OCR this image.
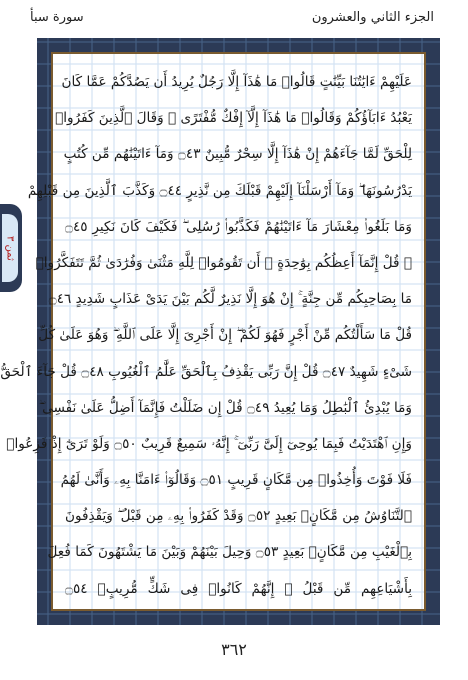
سورة سبأ	الجزء الثاني والعشرون
ثمن ٣
عَلَيْهِمْ ءَايَٰتُنَا بَيِّنَٰتٍ قَالُوا۟ مَا هَٰذَآ إِلَّا رَجُلٌ يُرِيدُ أَن يَصُدَّكُمْ عَمَّا كَانَ
يَعْبُدُ ءَابَآؤُكُمْ وَقَالُوا۟ مَا هَٰذَآ إِلَّآ إِفْكٌ مُّفْتَرًى ۚ وَقَالَ ٱلَّذِينَ كَفَرُوا۟
لِلْحَقِّ لَمَّا جَآءَهُمْ إِنْ هَٰذَآ إِلَّا سِحْرٌ مُّبِينٌ ۝٤٣ وَمَآ ءَاتَيْنَٰهُم مِّن كُتُبٍ
يَدْرُسُونَهَا ۖ وَمَآ أَرْسَلْنَآ إِلَيْهِمْ قَبْلَكَ مِن نَّذِيرٍ ۝٤٤ وَكَذَّبَ ٱلَّذِينَ مِن قَبْلِهِمْ
وَمَا بَلَغُوا۟ مِعْشَارَ مَآ ءَاتَيْنَٰهُمْ فَكَذَّبُوا۟ رُسُلِى ۖ فَكَيْفَ كَانَ نَكِيرِ ۝٤٥
۞ قُلْ إِنَّمَآ أَعِظُكُم بِوَٰحِدَةٍ ۖ أَن تَقُومُوا۟ لِلَّهِ مَثْنَىٰ وَفُرَٰدَىٰ ثُمَّ تَتَفَكَّرُوا۟
مَا بِصَاحِبِكُم مِّن جِنَّةٍ ۚ إِنْ هُوَ إِلَّا نَذِيرٌ لَّكُم بَيْنَ يَدَىْ عَذَابٍ شَدِيدٍ ۝٤٦
قُلْ مَا سَأَلْتُكُم مِّنْ أَجْرٍ فَهُوَ لَكُمْ ۖ إِنْ أَجْرِىَ إِلَّا عَلَى ٱللَّهِ ۖ وَهُوَ عَلَىٰ كُلِّ
شَىْءٍ شَهِيدٌ ۝٤٧ قُلْ إِنَّ رَبِّى يَقْذِفُ بِٱلْحَقِّ عَلَّٰمُ ٱلْغُيُوبِ ۝٤٨ قُلْ جَآءَ ٱلْحَقُّ
وَمَا يُبْدِئُ ٱلْبَٰطِلُ وَمَا يُعِيدُ ۝٤٩ قُلْ إِن ضَلَلْتُ فَإِنَّمَآ أَضِلُّ عَلَىٰ نَفْسِى ۖ
وَإِنِ ٱهْتَدَيْتُ فَبِمَا يُوحِىٓ إِلَىَّ رَبِّىٓ ۚ إِنَّهُۥ سَمِيعٌ قَرِيبٌ ۝٥٠ وَلَوْ تَرَىٰٓ إِذْ فَزِعُوا۟
فَلَا فَوْتَ وَأُخِذُوا۟ مِن مَّكَانٍ قَرِيبٍ ۝٥١ وَقَالُوٓا۟ ءَامَنَّا بِهِۦ وَأَنَّىٰ لَهُمُ
ٱلتَّنَاوُشُ مِن مَّكَانٍۭ بَعِيدٍ ۝٥٢ وَقَدْ كَفَرُوا۟ بِهِۦ مِن قَبْلُ ۖ وَيَقْذِفُونَ
بِٱلْغَيْبِ مِن مَّكَانٍۭ بَعِيدٍ ۝٥٣ وَحِيلَ بَيْنَهُمْ وَبَيْنَ مَا يَشْتَهُونَ كَمَا فُعِلَ
بِأَشْيَاعِهِم مِّن قَبْلُ ۚ إِنَّهُمْ كَانُوا۟ فِى شَكٍّ مُّرِيبٍۭ ۝٥٤
٣٦٢
